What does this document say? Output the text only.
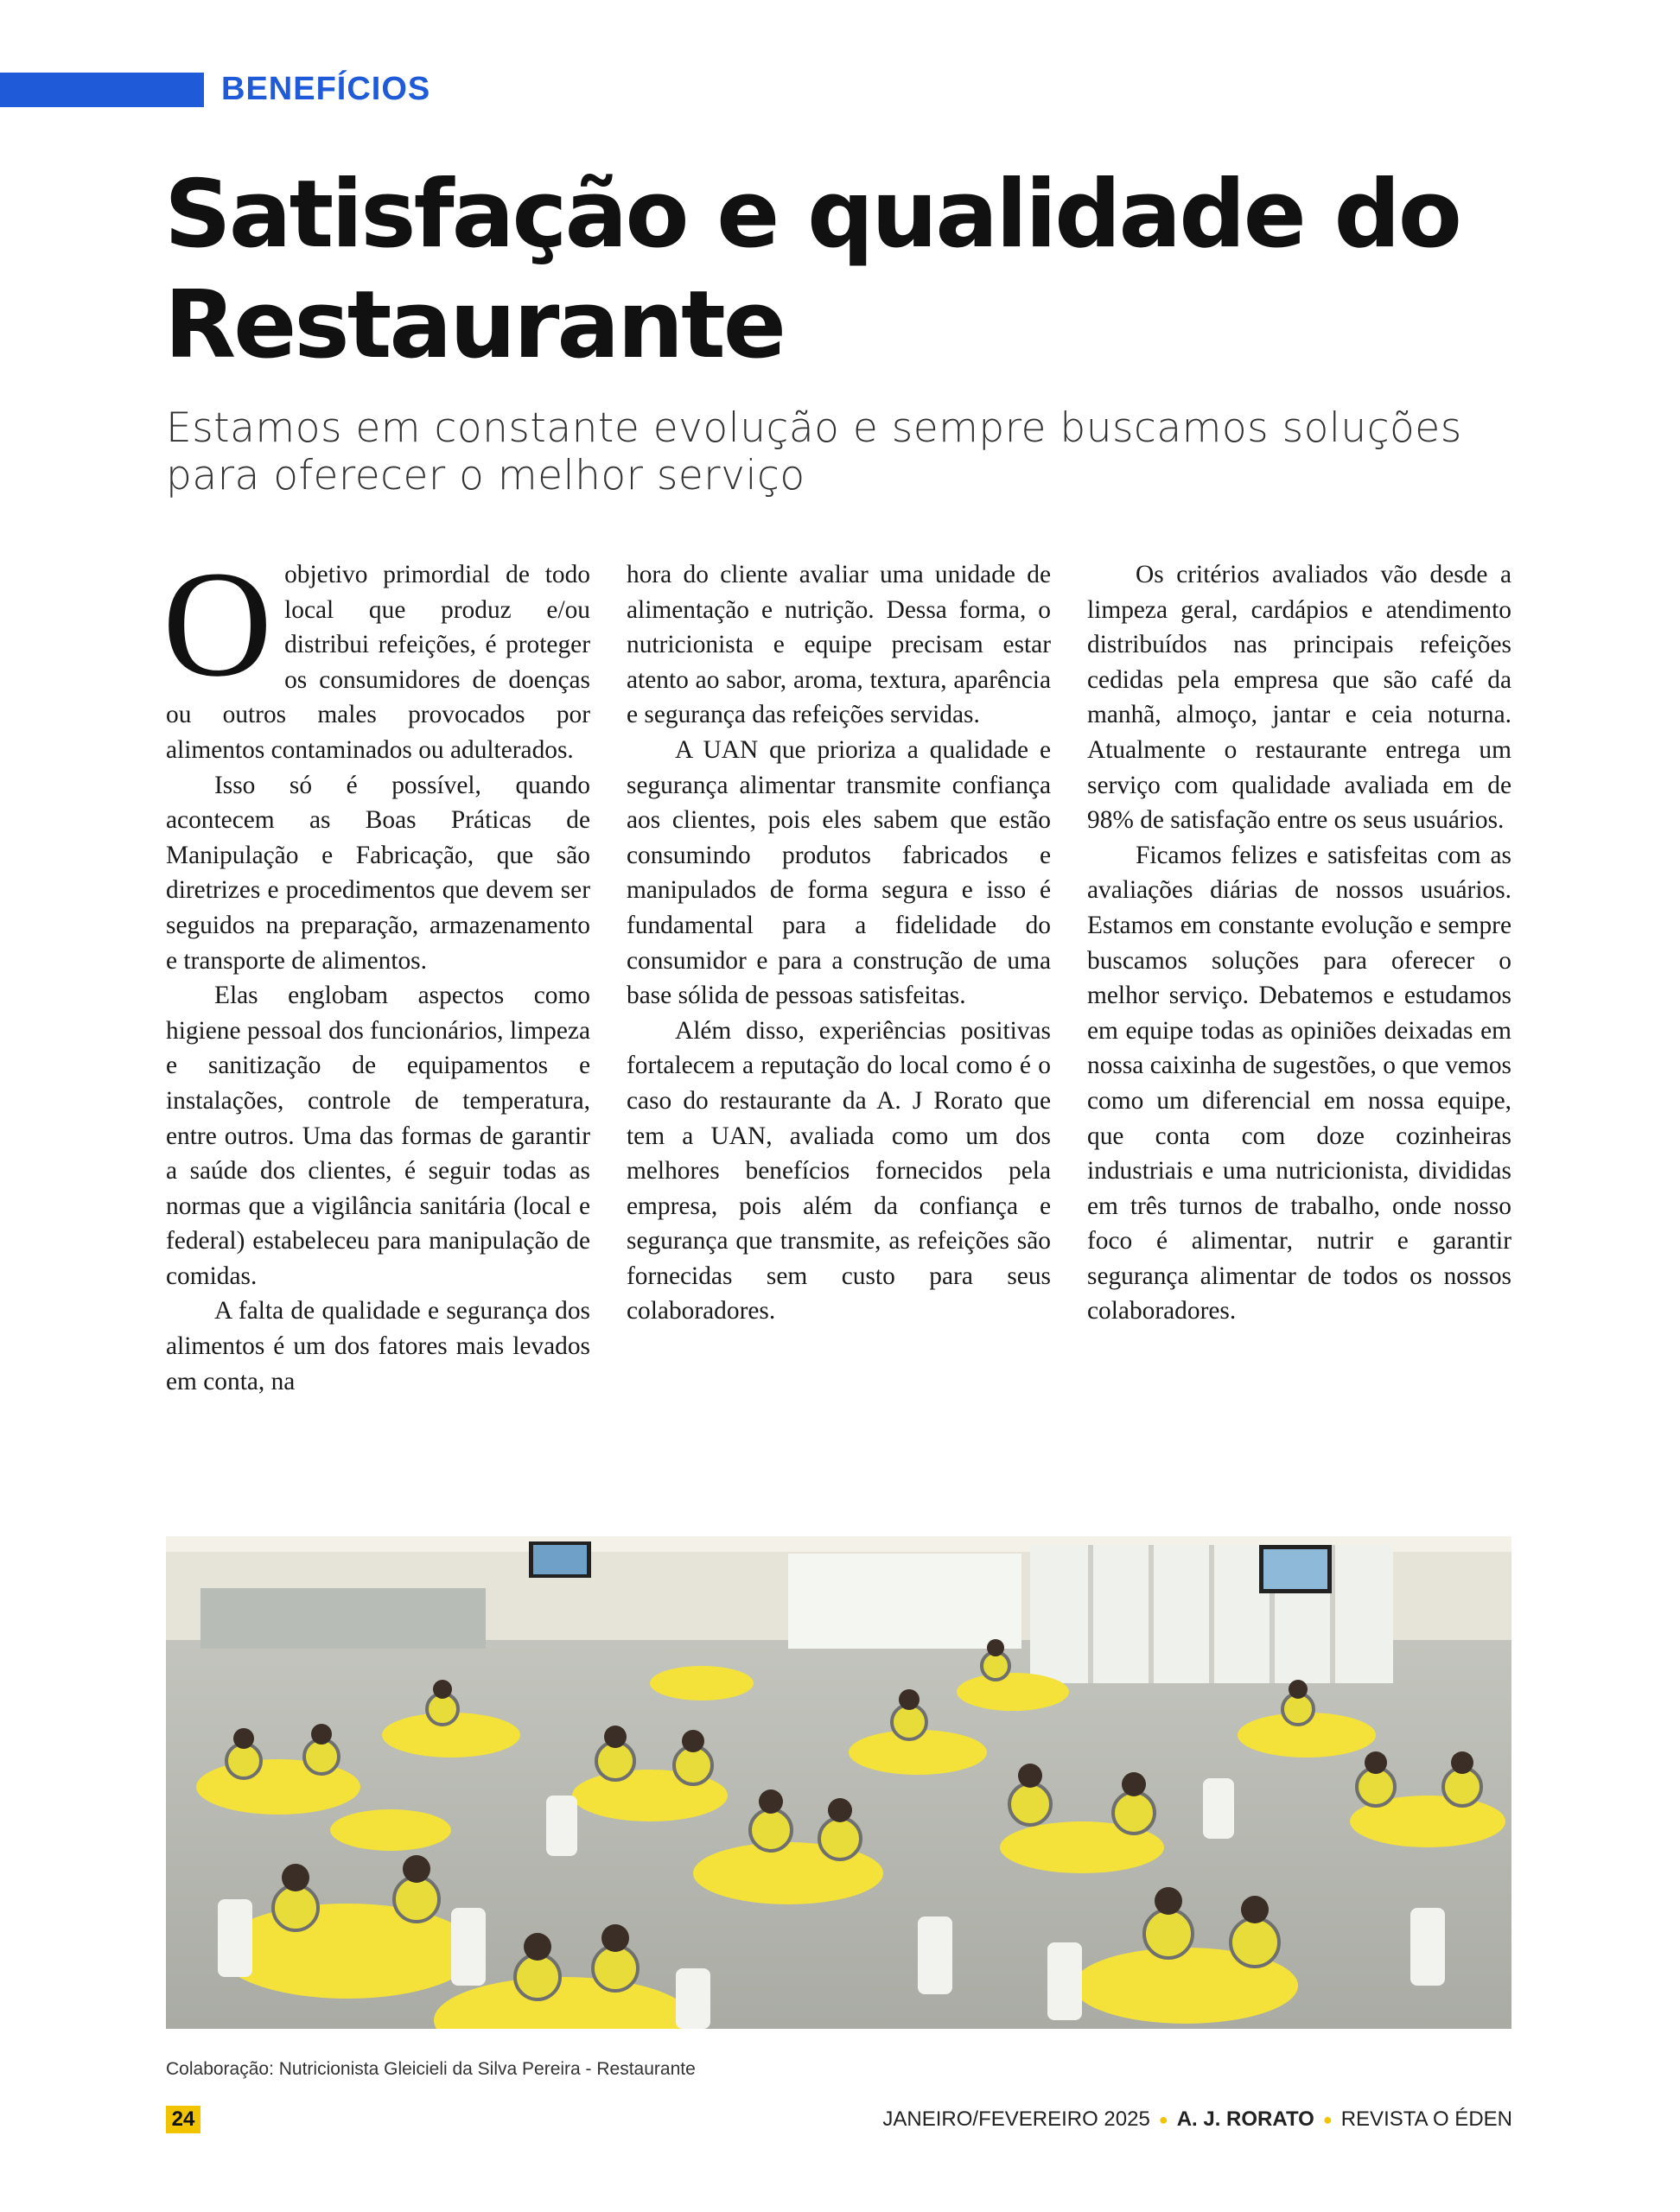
BENEFÍCIOS
Satisfação e qualidade do Restaurante

Estamos em constante evolução e sempre buscamos soluções para oferecer o melhor serviço

Oobjetivo primordial de todo local que produz e/ou distribui refeições, é proteger os consumidores de doenças ou outros males provocados por alimentos contaminados ou adulterados.

Isso só é possível, quando acontecem as Boas Práticas de Manipulação e Fabricação, que são diretrizes e procedimentos que devem ser seguidos na preparação, armazenamento e transporte de alimentos.

Elas englobam aspectos como higiene pessoal dos funcionários, limpeza e sanitização de equipamentos e instalações, controle de temperatura, entre outros. Uma das formas de garantir a saúde dos clientes, é seguir todas as normas que a vigilância sanitária (local e federal) estabeleceu para manipulação de comidas.

A falta de qualidade e segurança dos alimentos é um dos fatores mais levados em conta, na

hora do cliente avaliar uma unidade de alimentação e nutrição. Dessa forma, o nutricionista e equipe precisam estar atento ao sabor, aroma, textura, aparência e segurança das refeições servidas.

A UAN que prioriza a qualidade e segurança alimentar transmite confiança aos clientes, pois eles sabem que estão consumindo produtos fabricados e manipulados de forma segura e isso é fundamental para a fidelidade do consumidor e para a construção de uma base sólida de pessoas satisfeitas.

Além disso, experiências positivas fortalecem a reputação do local como é o caso do restaurante da A. J Rorato que tem a UAN, avaliada como um dos melhores benefícios fornecidos pela empresa, pois além da confiança e segurança que transmite, as refeições são fornecidas sem custo para seus colaboradores.

Os critérios avaliados vão desde a limpeza geral, cardápios e atendimento distribuídos nas principais refeições cedidas pela empresa que são café da manhã, almoço, jantar e ceia noturna. Atualmente o restaurante entrega um serviço com qualidade avaliada em de 98% de satisfação entre os seus usuários.

Ficamos felizes e satisfeitas com as avaliações diárias de nossos usuários. Estamos em constante evolução e sempre buscamos soluções para oferecer o melhor serviço. Debatemos e estudamos em equipe todas as opiniões deixadas em nossa caixinha de sugestões, o que vemos como um diferencial em nossa equipe, que conta com doze cozinheiras industriais e uma nutricionista, divididas em três turnos de trabalho, onde nosso foco é alimentar, nutrir e garantir segurança alimentar de todos os nossos colaboradores.

Colaboração: Nutricionista Gleicieli da Silva Pereira - Restaurante
24	JANEIRO/FEVEREIRO 2025 ● A. J. RORATO ● REVISTA O ÉDEN
